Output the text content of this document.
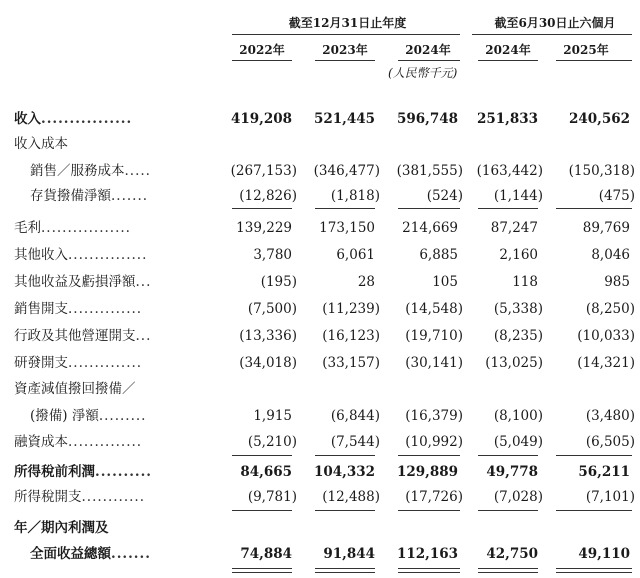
截至12月31日止年度	截至6月30日止六個月
2022年	2023年	2024年	2024年	2025年
(人民幣千元)
收入................	419,208 521,445 596,748 251,833 240,562
收入成本
銷售／服務成本.....	(267,153) (346,477) (381,555) (163,442) (150,318)
存貨撥備淨額.......	(12,826)	(1,818)	(524) (1,144)	(475)
毛利.................	139,229 173,150 214,669 87,247	89,769
其他收入...............	3,780	6,061	6,885	2,160	8,046
其他收益及虧損淨額...	(195)	28	105	118	985
銷售開支..............	(7,500) (11,239) (14,548) (5,338)	(8,250)
行政及其他營運開支...	(13,336) (16,123) (19,710) (8,235)	(10,033)
研發開支..............	(34,018) (33,157) (30,141) (13,025)	(14,321)
資產減值撥回撥備／
(撥備) 淨額.........	1,915	(6,844) (16,379) (8,100)	(3,480)
融資成本..............	(5,210)	(7,544) (10,992) (5,049)	(6,505)
所得稅前利潤..........	84,665 104,332 129,889 49,778	56,211
所得稅開支............	(9,781) (12,488) (17,726) (7,028)	(7,101)
年／期內利潤及
全面收益總額.......	74,884 91,844 112,163 42,750	49,110
